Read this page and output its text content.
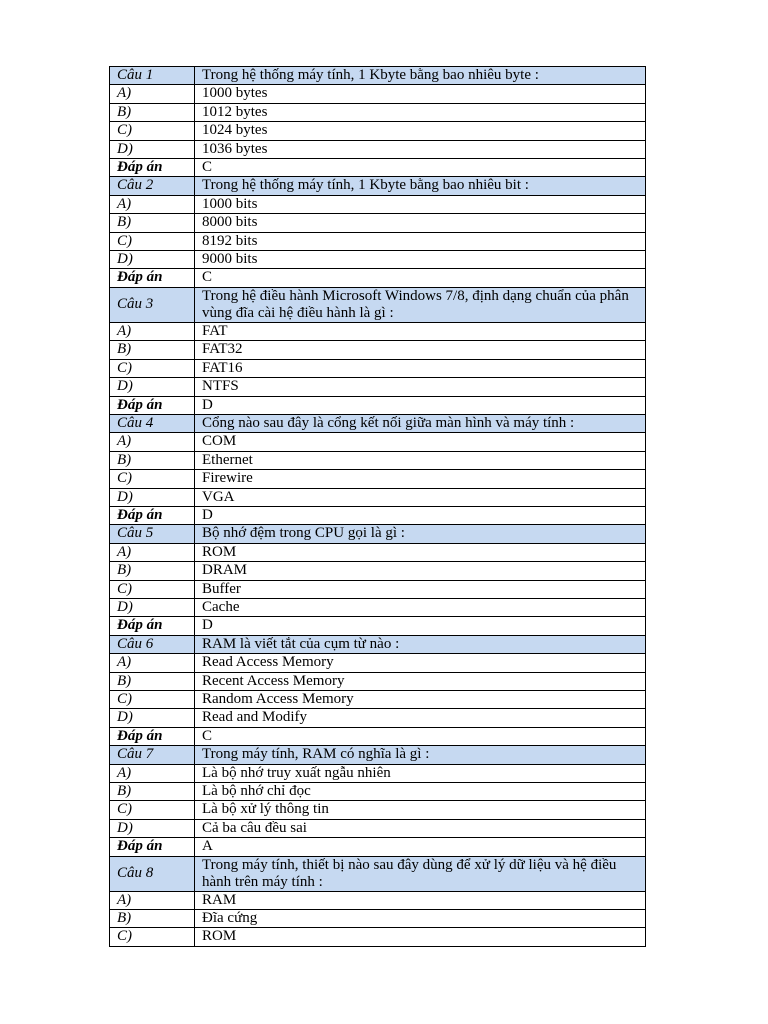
Câu 1	Trong hệ thống máy tính, 1 Kbyte bằng bao nhiêu byte :
A)	1000 bytes
B)	1012 bytes
C)	1024 bytes
D)	1036 bytes
Đáp án	C
Câu 2	Trong hệ thống máy tính, 1 Kbyte bằng bao nhiêu bit :
A)	1000 bits
B)	8000 bits
C)	8192 bits
D)	9000 bits
Đáp án	C
Câu 3	Trong hệ điều hành Microsoft Windows 7/8, định dạng chuẩn của phân vùng đĩa cài hệ điều hành là gì :
A)	FAT
B)	FAT32
C)	FAT16
D)	NTFS
Đáp án	D
Câu 4	Cổng nào sau đây là cổng kết nối giữa màn hình và máy tính :
A)	COM
B)	Ethernet
C)	Firewire
D)	VGA
Đáp án	D
Câu 5	Bộ nhớ đệm trong CPU gọi là gì :
A)	ROM
B)	DRAM
C)	Buffer
D)	Cache
Đáp án	D
Câu 6	RAM là viết tắt của cụm từ nào :
A)	Read Access Memory
B)	Recent Access Memory
C)	Random Access Memory
D)	Read and Modify
Đáp án	C
Câu 7	Trong máy tính, RAM có nghĩa là gì :
A)	Là bộ nhớ truy xuất ngẫu nhiên
B)	Là bộ nhớ chỉ đọc
C)	Là bộ xử lý thông tin
D)	Cả ba câu đều sai
Đáp án	A
Câu 8	Trong máy tính, thiết bị nào sau đây dùng để xử lý dữ liệu và hệ điều hành trên máy tính :
A)	RAM
B)	Đĩa cứng
C)	ROM
